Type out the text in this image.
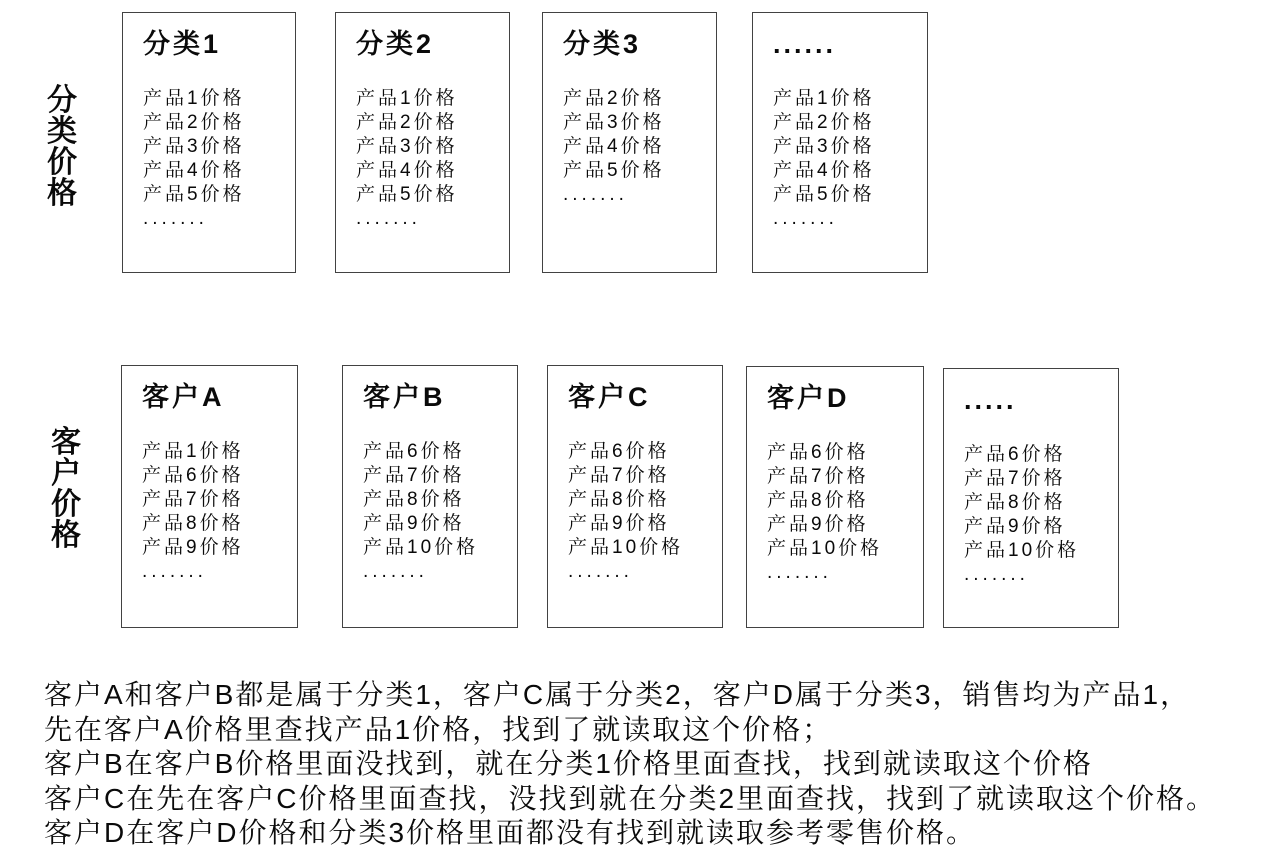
分类价格
分类1
产品1价格
产品2价格
产品3价格
产品4价格
产品5价格
.......
分类2
产品1价格
产品2价格
产品3价格
产品4价格
产品5价格
.......
分类3
产品2价格
产品3价格
产品4价格
产品5价格
.......
......
产品1价格
产品2价格
产品3价格
产品4价格
产品5价格
.......
客户价格
客户A
产品1价格
产品6价格
产品7价格
产品8价格
产品9价格
.......
客户B
产品6价格
产品7价格
产品8价格
产品9价格
产品10价格
.......
客户C
产品6价格
产品7价格
产品8价格
产品9价格
产品10价格
.......
客户D
产品6价格
产品7价格
产品8价格
产品9价格
产品10价格
.......
.....
产品6价格
产品7价格
产品8价格
产品9价格
产品10价格
.......
客户A和客户B都是属于分类1，客户C属于分类2，客户D属于分类3，销售均为产品1，
先在客户A价格里查找产品1价格，找到了就读取这个价格；
客户B在客户B价格里面没找到，就在分类1价格里面查找，找到就读取这个价格
客户C在先在客户C价格里面查找，没找到就在分类2里面查找，找到了就读取这个价格。
客户D在客户D价格和分类3价格里面都没有找到就读取参考零售价格。
